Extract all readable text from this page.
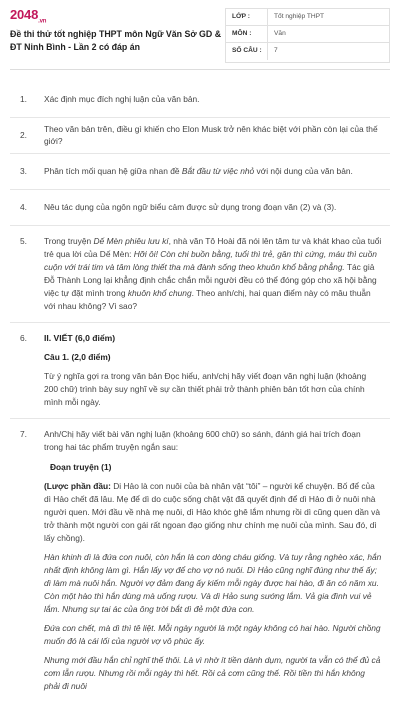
$2048_{.vn}$
Đề thi thử tốt nghiệp THPT môn Ngữ Văn Sở GD & ĐT Ninh Bình - Lần 2 có đáp án
LỚP :	Tốt nghiệp THPT
MÔN :	Văn
SỐ CÂU :	7
1.	Xác định mục đích nghị luận của văn bản.
2.
Theo văn bản trên, điều gì khiến cho Elon Musk trở nên khác biệt với phần còn lại của thế giới?
3.	Phân tích mối quan hệ giữa nhan đề Bắt đầu từ việc nhỏ với nội dung của văn bản.
4.	Nêu tác dụng của ngôn ngữ biểu cảm được sử dụng trong đoạn văn (2) và (3).
5.	Trong truyện Dế Mèn phiêu lưu kí, nhà văn Tô Hoài đã nói lên tâm tư và khát khao của tuổi trẻ qua lời của Dế Mèn: Hỡi ôi! Còn chi buồn bằng, tuổi thì trẻ, gân thì cứng, máu thì cuồn cuộn với trái tim và tâm lòng thiết tha mà đành sống theo khuôn khổ bằng phẳng. Tác giả Đỗ Thành Long lại khẳng định chắc chắn mỗi người đều có thể đóng góp cho xã hội bằng việc tự đặt mình trong khuôn khổ chung. Theo anh/chị, hai quan điểm này có mâu thuẫn với nhau không? Vì sao?
6.	II. VIẾT (6,0 điểm)

Câu 1. (2,0 điểm)

Từ ý nghĩa gợi ra trong văn bản Đọc hiểu, anh/chị hãy viết đoạn văn nghị luận (khoảng 200 chữ) trình bày suy nghĩ về sự cần thiết phải trở thành phiên bản tốt hơn của chính mình mỗi ngày.

7.	Anh/Chị hãy viết bài văn nghị luận (khoảng 600 chữ) so sánh, đánh giá hai trích đoạn trong hai tác phẩm truyện ngắn sau:

Đoạn truyện (1)

(Lược phần đầu: Di Hảo là con nuôi của bà nhân vật “tôi” – người kể chuyện. Bố để của dì Hảo chết đã lâu. Mẹ để dì do cuộc sống chật vật đã quyết định để dì Hảo đi ở nuôi nhà người quen. Mới đầu về nhà mẹ nuôi, dì Hảo khóc ghê lắm nhưng rồi dì cũng quen dần và trở thành một người con gái rất ngoan đạo giống như chính mẹ nuôi của mình. Sau đó, dì lấy chồng).

Hàn khinh dì là đứa con nuôi, còn hắn là con dòng cháu giống. Và tuy rằng nghèo xác, hắn nhất định không làm gì. Hắn lấy vợ để cho vợ nó nuôi. Dì Hảo cũng nghĩ đúng như thế ấy; dì làm mà nuôi hắn. Người vợ đảm đang ấy kiếm mỗi ngày được hai hào, đi ăn có năm xu. Còn một hào thì hắn dùng mà uống rượu. Và dì Hảo sung sướng lắm. Vả gia đình vui vẻ lắm. Nhưng sự tai ác của ông trời bắt dì đẻ một đứa con.

Đứa con chết, mà dì thì tê liệt. Mỗi ngày người là một ngày không có hai hào. Người chồng muốn đó là cái lối của người vợ vô phúc ấy.

Nhưng mới đầu hắn chỉ nghĩ thế thôi. Là vì nhờ ít tiền dành dụm, người ta vẫn có thể đủ cả cơm lẫn rượu. Nhưng rồi mỗi ngày thì hết. Rồi cả cơm cũng thế. Rồi tiền thì hắn không phải đi nuôi
